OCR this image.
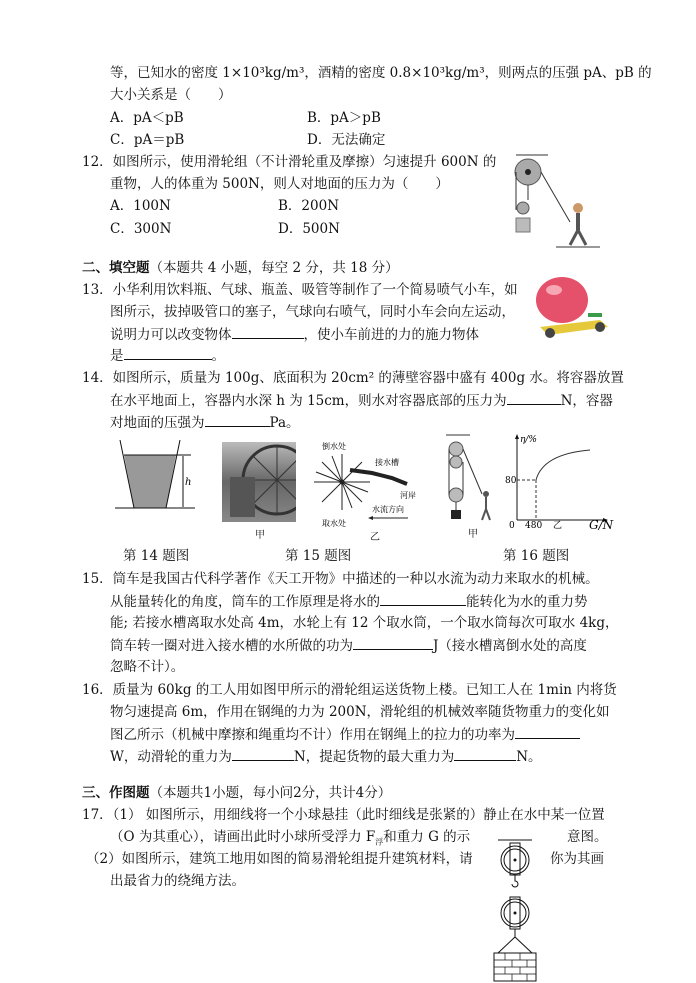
等，已知水的密度 1×10³kg/m³，酒精的密度 0.8×10³kg/m³，则两点的压强 pA、pB 的
大小关系是（　　）
A．pA＜pB	B．pA＞pB
C．pA＝pB	D．无法确定
12．如图所示，使用滑轮组（不计滑轮重及摩擦）匀速提升 600N 的
重物，人的体重为 500N，则人对地面的压力为（　　）
A．100N	B．200N
C．300N	D．500N
二、填空题（本题共 4 小题，每空 2 分，共 18 分）
13．小华利用饮料瓶、气球、瓶盖、吸管等制作了一个简易喷气小车，如
图所示，拔掉吸管口的塞子，气球向右喷气，同时小车会向左运动，
说明力可以改变物体	，使小车前进的力的施力物体
是	。
14．如图所示，质量为 100g、底面积为 20cm² 的薄壁容器中盛有 400g 水。将容器放置
在水平地面上，容器内水深 h 为 15cm，则水对容器底部的压力为	N，容器
对地面的压强为	Pa。
h
甲
倒水处
接水槽
河岸
取水处
水流方向
乙	甲
η/%
80
0 480 乙 G/N
第 14 题图	第 15 题图	第 16 题图
15．筒车是我国古代科学著作《天工开物》中描述的一种以水流为动力来取水的机械。
从能量转化的角度，筒车的工作原理是将水的	能转化为水的重力势
能; 若接水槽离取水处高 4m，水轮上有 12 个取水筒，一个取水筒每次可取水 4kg，
筒车转一圈对进入接水槽的水所做的功为	J（接水槽离倒水处的高度
忽略不计）。
16．质量为 60kg 的工人用如图甲所示的滑轮组运送货物上楼。已知工人在 1min 内将货
物匀速提高 6m，作用在钢绳的力为 200N，滑轮组的机械效率随货物重力的变化如
图乙所示（机械中摩擦和绳重均不计）作用在钢绳上的拉力的功率为
W，动滑轮的重力为	N，提起货物的最大重力为	N。
三、作图题（本题共1小题，每小问2分，共计4分）
17．（1） 如图所示，用细线将一个小球悬挂（此时细线是张紧的）静止在水中某一位置
（O 为其重心），请画出此时小球所受浮力 $F_浮$和重力 G 的示	意图。
（2）如图所示，建筑工地用如图的简易滑轮组提升建筑材料，请	你为其画
出最省力的绕绳方法。
